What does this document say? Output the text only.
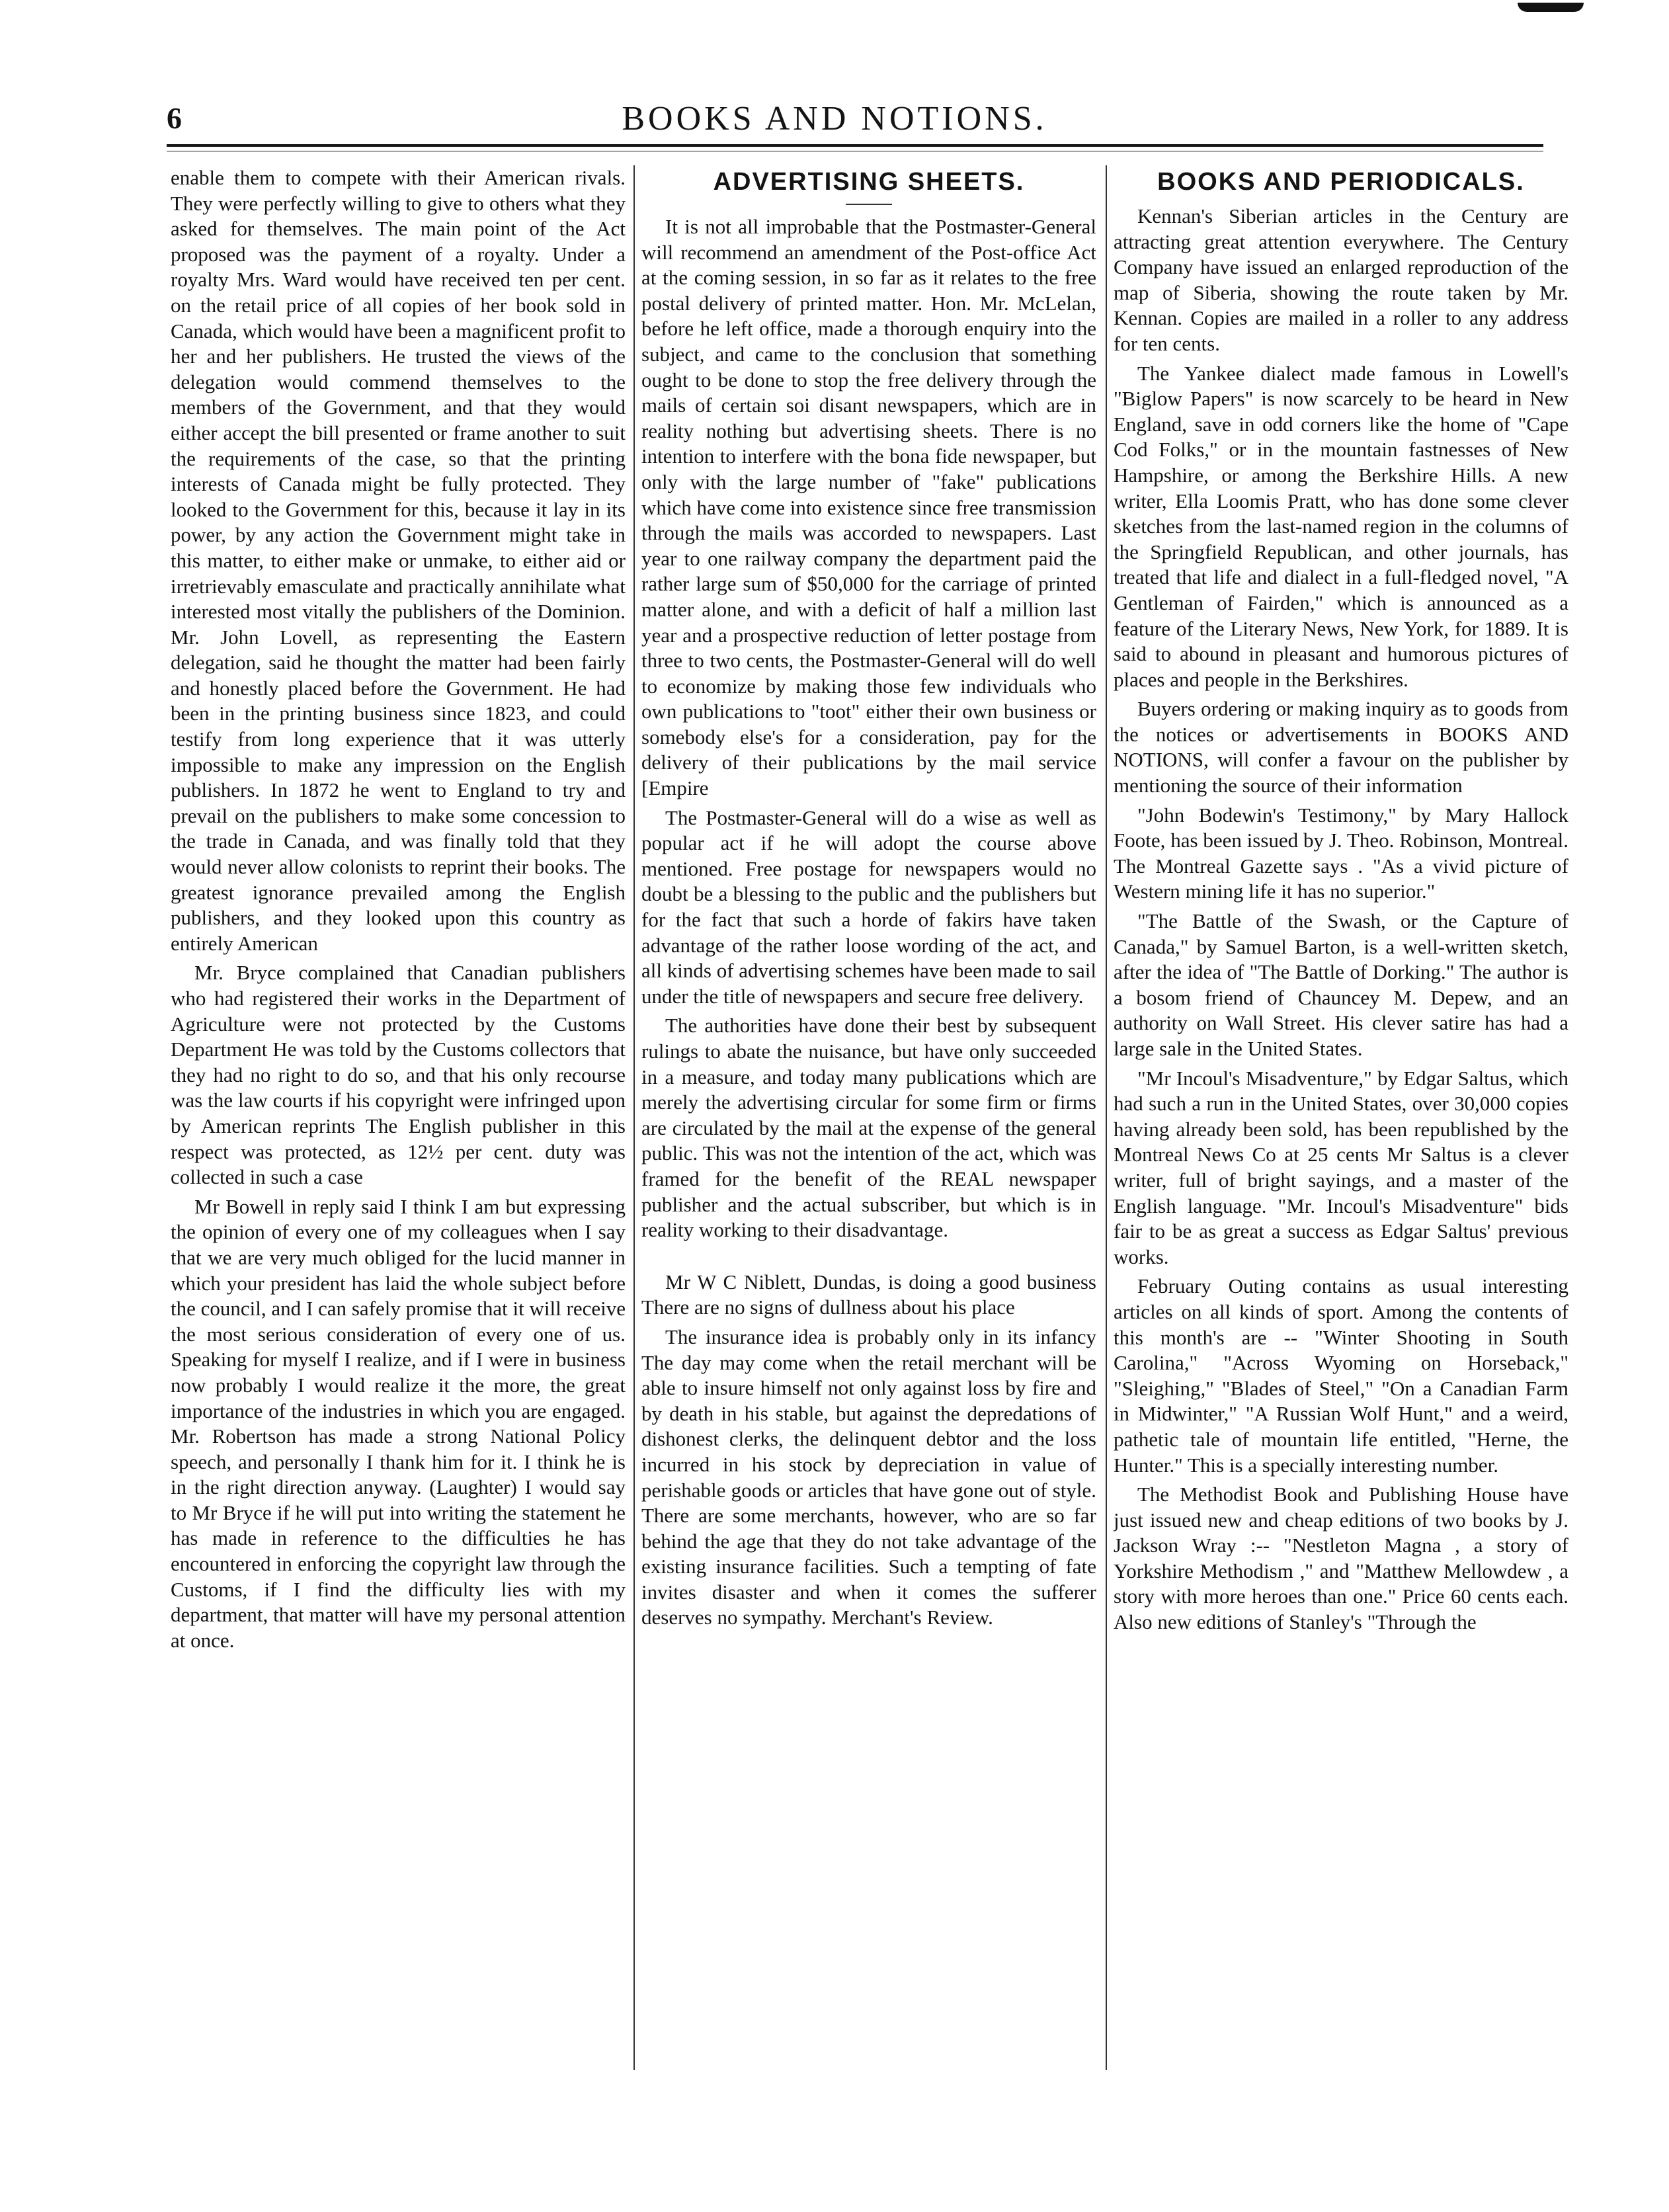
6	BOOKS AND NOTIONS.

enable them to compete with their American rivals. They were perfectly willing to give to others what they asked for themselves. The main point of the Act proposed was the payment of a royalty. Under a royalty Mrs. Ward would have received ten per cent. on the retail price of all copies of her book sold in Canada, which would have been a magnificent profit to her and her publishers. He trusted the views of the delegation would commend themselves to the members of the Government, and that they would either accept the bill presented or frame another to suit the requirements of the case, so that the printing interests of Canada might be fully protected. They looked to the Government for this, because it lay in its power, by any action the Government might take in this matter, to either make or unmake, to either aid or irretrievably emasculate and practically annihilate what interested most vitally the publishers of the Dominion. Mr. John Lovell, as representing the Eastern delegation, said he thought the matter had been fairly and honestly placed before the Government. He had been in the printing business since 1823, and could testify from long experience that it was utterly impossible to make any impression on the English publishers. In 1872 he went to England to try and prevail on the publishers to make some concession to the trade in Canada, and was finally told that they would never allow colonists to reprint their books. The greatest ignorance prevailed among the English publishers, and they looked upon this country as entirely American

Mr. Bryce complained that Canadian publishers who had registered their works in the Department of Agriculture were not protected by the Customs Department He was told by the Customs collectors that they had no right to do so, and that his only recourse was the law courts if his copyright were infringed upon by American reprints The English publisher in this respect was protected, as 12½ per cent. duty was collected in such a case

Mr Bowell in reply said I think I am but expressing the opinion of every one of my colleagues when I say that we are very much obliged for the lucid manner in which your president has laid the whole subject before the council, and I can safely promise that it will receive the most serious consideration of every one of us. Speaking for myself I realize, and if I were in business now probably I would realize it the more, the great importance of the industries in which you are engaged. Mr. Robertson has made a strong National Policy speech, and personally I thank him for it. I think he is in the right direction anyway. (Laughter) I would say to Mr Bryce if he will put into writing the statement he has made in reference to the difficulties he has encountered in enforcing the copyright law through the Customs, if I find the difficulty lies with my department, that matter will have my personal attention at once.

ADVERTISING SHEETS.

It is not all improbable that the Postmaster-General will recommend an amendment of the Post-office Act at the coming session, in so far as it relates to the free postal delivery of printed matter. Hon. Mr. McLelan, before he left office, made a thorough enquiry into the subject, and came to the conclusion that something ought to be done to stop the free delivery through the mails of certain soi disant newspapers, which are in reality nothing but advertising sheets. There is no intention to interfere with the bona fide newspaper, but only with the large number of "fake" publications which have come into existence since free transmission through the mails was accorded to newspapers. Last year to one railway company the department paid the rather large sum of $50,000 for the carriage of printed matter alone, and with a deficit of half a million last year and a prospective reduction of letter postage from three to two cents, the Postmaster-General will do well to economize by making those few individuals who own publications to "toot" either their own business or somebody else's for a consideration, pay for the delivery of their publications by the mail service [Empire

The Postmaster-General will do a wise as well as popular act if he will adopt the course above mentioned. Free postage for newspapers would no doubt be a blessing to the public and the publishers but for the fact that such a horde of fakirs have taken advantage of the rather loose wording of the act, and all kinds of advertising schemes have been made to sail under the title of newspapers and secure free delivery.

The authorities have done their best by subsequent rulings to abate the nuisance, but have only succeeded in a measure, and today many publications which are merely the advertising circular for some firm or firms are circulated by the mail at the expense of the general public. This was not the intention of the act, which was framed for the benefit of the REAL newspaper publisher and the actual subscriber, but which is in reality working to their disadvantage.

Mr W C Niblett, Dundas, is doing a good business There are no signs of dullness about his place

The insurance idea is probably only in its infancy The day may come when the retail merchant will be able to insure himself not only against loss by fire and by death in his stable, but against the depredations of dishonest clerks, the delinquent debtor and the loss incurred in his stock by depreciation in value of perishable goods or articles that have gone out of style. There are some merchants, however, who are so far behind the age that they do not take advantage of the existing insurance facilities. Such a tempting of fate invites disaster and when it comes the sufferer deserves no sympathy. Merchant's Review.

BOOKS AND PERIODICALS.

Kennan's Siberian articles in the Century are attracting great attention everywhere. The Century Company have issued an enlarged reproduction of the map of Siberia, showing the route taken by Mr. Kennan. Copies are mailed in a roller to any address for ten cents.

The Yankee dialect made famous in Lowell's "Biglow Papers" is now scarcely to be heard in New England, save in odd corners like the home of "Cape Cod Folks," or in the mountain fastnesses of New Hampshire, or among the Berkshire Hills. A new writer, Ella Loomis Pratt, who has done some clever sketches from the last-named region in the columns of the Springfield Republican, and other journals, has treated that life and dialect in a full-fledged novel, "A Gentleman of Fairden," which is announced as a feature of the Literary News, New York, for 1889. It is said to abound in pleasant and humorous pictures of places and people in the Berkshires.

Buyers ordering or making inquiry as to goods from the notices or advertisements in BOOKS AND NOTIONS, will confer a favour on the publisher by mentioning the source of their information

"John Bodewin's Testimony," by Mary Hallock Foote, has been issued by J. Theo. Robinson, Montreal. The Montreal Gazette says . "As a vivid picture of Western mining life it has no superior."

"The Battle of the Swash, or the Capture of Canada," by Samuel Barton, is a well-written sketch, after the idea of "The Battle of Dorking." The author is a bosom friend of Chauncey M. Depew, and an authority on Wall Street. His clever satire has had a large sale in the United States.

"Mr Incoul's Misadventure," by Edgar Saltus, which had such a run in the United States, over 30,000 copies having already been sold, has been republished by the Montreal News Co at 25 cents Mr Saltus is a clever writer, full of bright sayings, and a master of the English language. "Mr. Incoul's Misadventure" bids fair to be as great a success as Edgar Saltus' previous works.

February Outing contains as usual interesting articles on all kinds of sport. Among the contents of this month's are -- "Winter Shooting in South Carolina," "Across Wyoming on Horseback," "Sleighing," "Blades of Steel," "On a Canadian Farm in Midwinter," "A Russian Wolf Hunt," and a weird, pathetic tale of mountain life entitled, "Herne, the Hunter." This is a specially interesting number.

The Methodist Book and Publishing House have just issued new and cheap editions of two books by J. Jackson Wray :-- "Nestleton Magna , a story of Yorkshire Methodism ," and "Matthew Mellowdew , a story with more heroes than one." Price 60 cents each. Also new editions of Stanley's "Through the
